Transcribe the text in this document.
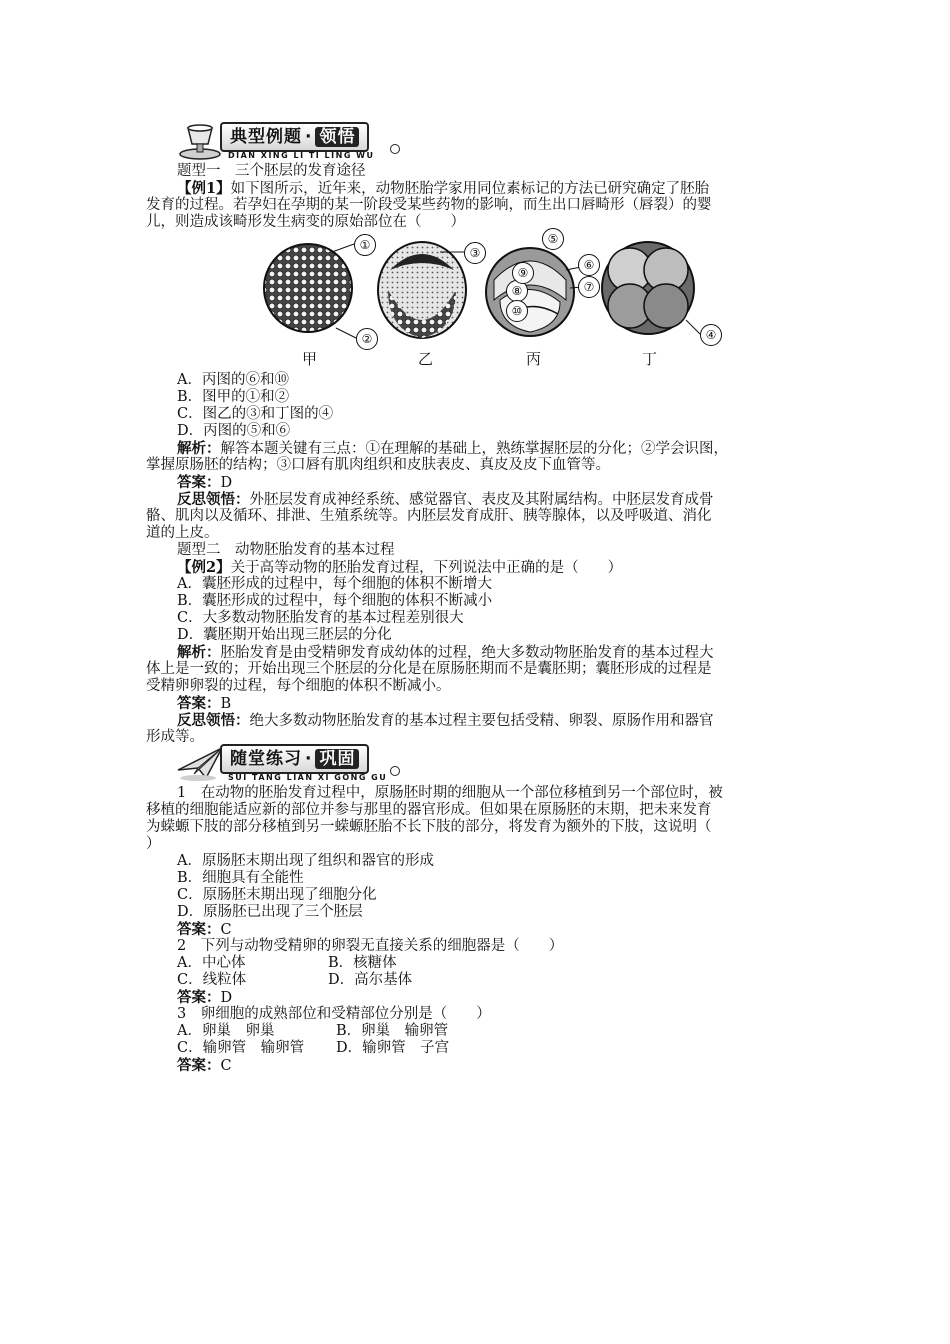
典型例题 · 领悟
DIAN XING LI TI LING WU
题型一　三个胚层的发育途径
【例1】如下图所示，近年来，动物胚胎学家用同位素标记的方法已研究确定了胚胎
发育的过程。若孕妇在孕期的某一阶段受某些药物的影响，而生出口唇畸形（唇裂）的婴
儿，则造成该畸形发生病变的原始部位在（　　）
①
②
③
④
⑤
⑥
⑦
⑧
⑨
⑩
甲	乙	丙	丁
A．丙图的⑥和⑩
B．图甲的①和②
C．图乙的③和丁图的④
D．丙图的⑤和⑥
解析：解答本题关键有三点：①在理解的基础上，熟练掌握胚层的分化；②学会识图，
掌握原肠胚的结构；③口唇有肌肉组织和皮肤表皮、真皮及皮下血管等。
答案：D
反思领悟：外胚层发育成神经系统、感觉器官、表皮及其附属结构。中胚层发育成骨
骼、肌肉以及循环、排泄、生殖系统等。内胚层发育成肝、胰等腺体，以及呼吸道、消化
道的上皮。
题型二　动物胚胎发育的基本过程
【例2】关于高等动物的胚胎发育过程，下列说法中正确的是（　　）
A．囊胚形成的过程中，每个细胞的体积不断增大
B．囊胚形成的过程中，每个细胞的体积不断减小
C．大多数动物胚胎发育的基本过程差别很大
D．囊胚期开始出现三胚层的分化
解析：胚胎发育是由受精卵发育成幼体的过程，绝大多数动物胚胎发育的基本过程大
体上是一致的；开始出现三个胚层的分化是在原肠胚期而不是囊胚期；囊胚形成的过程是
受精卵卵裂的过程，每个细胞的体积不断减小。
答案：B
反思领悟：绝大多数动物胚胎发育的基本过程主要包括受精、卵裂、原肠作用和器官
形成等。
随堂练习 · 巩固
SUI TANG LIAN XI GONG GU
1　在动物的胚胎发育过程中，原肠胚时期的细胞从一个部位移植到另一个部位时，被
移植的细胞能适应新的部位并参与那里的器官形成。但如果在原肠胚的末期，把未来发育
为蝾螈下肢的部分移植到另一蝾螈胚胎不长下肢的部分，将发育为额外的下肢，这说明（
）
A．原肠胚末期出现了组织和器官的形成
B．细胞具有全能性
C．原肠胚末期出现了细胞分化
D．原肠胚已出现了三个胚层
答案：C
2　下列与动物受精卵的卵裂无直接关系的细胞器是（　　）
A．中心体	B．核糖体
C．线粒体	D．高尔基体
答案：D
3　卵细胞的成熟部位和受精部位分别是（　　）
A．卵巢　卵巢	B．卵巢　输卵管
C．输卵管　输卵管 D．输卵管　子宫
答案：C
